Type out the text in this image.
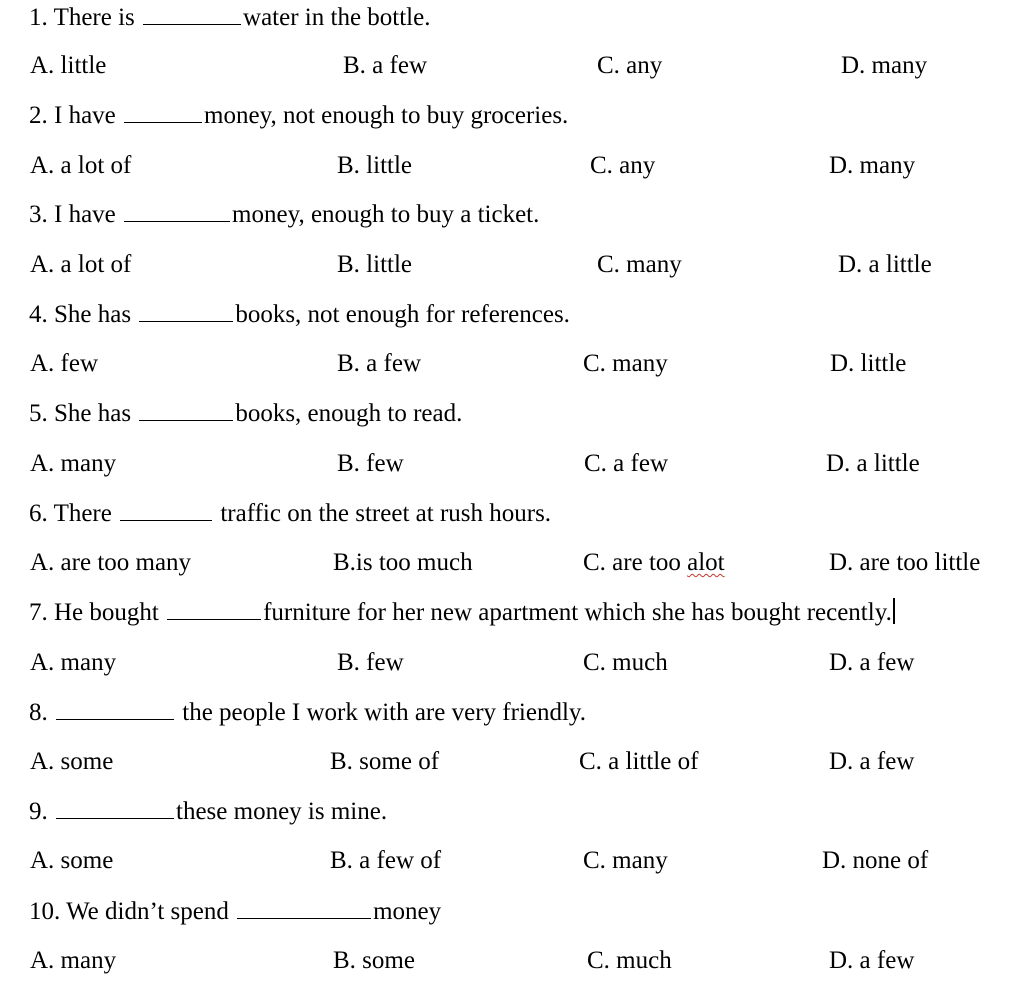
1. There is	water in the bottle.
A. little	B. a few	C. any	D. many
2. I have	money, not enough to buy groceries.
A. a lot of	B. little	C. any	D. many
3. I have	money, enough to buy a ticket.
A. a lot of	B. little	C. many	D. a little
4. She has	books, not enough for references.
A. few	B. a few	C. many	D. little
5. She has	books, enough to read.
A. many	B. few	C. a few	D. a little
6. There	traffic on the street at rush hours.
A. are too many	B.is too much	C. are too alot	D. are too little
7. He bought	furniture for her new apartment which she has bought recently.
A. many	B. few	C. much	D. a few
8.	the people I work with are very friendly.
A. some	B. some of	C. a little of	D. a few
9.	these money is mine.
A. some	B. a few of	C. many	D. none of
10. We didn’t spend	money
A. many	B. some	C. much	D. a few
